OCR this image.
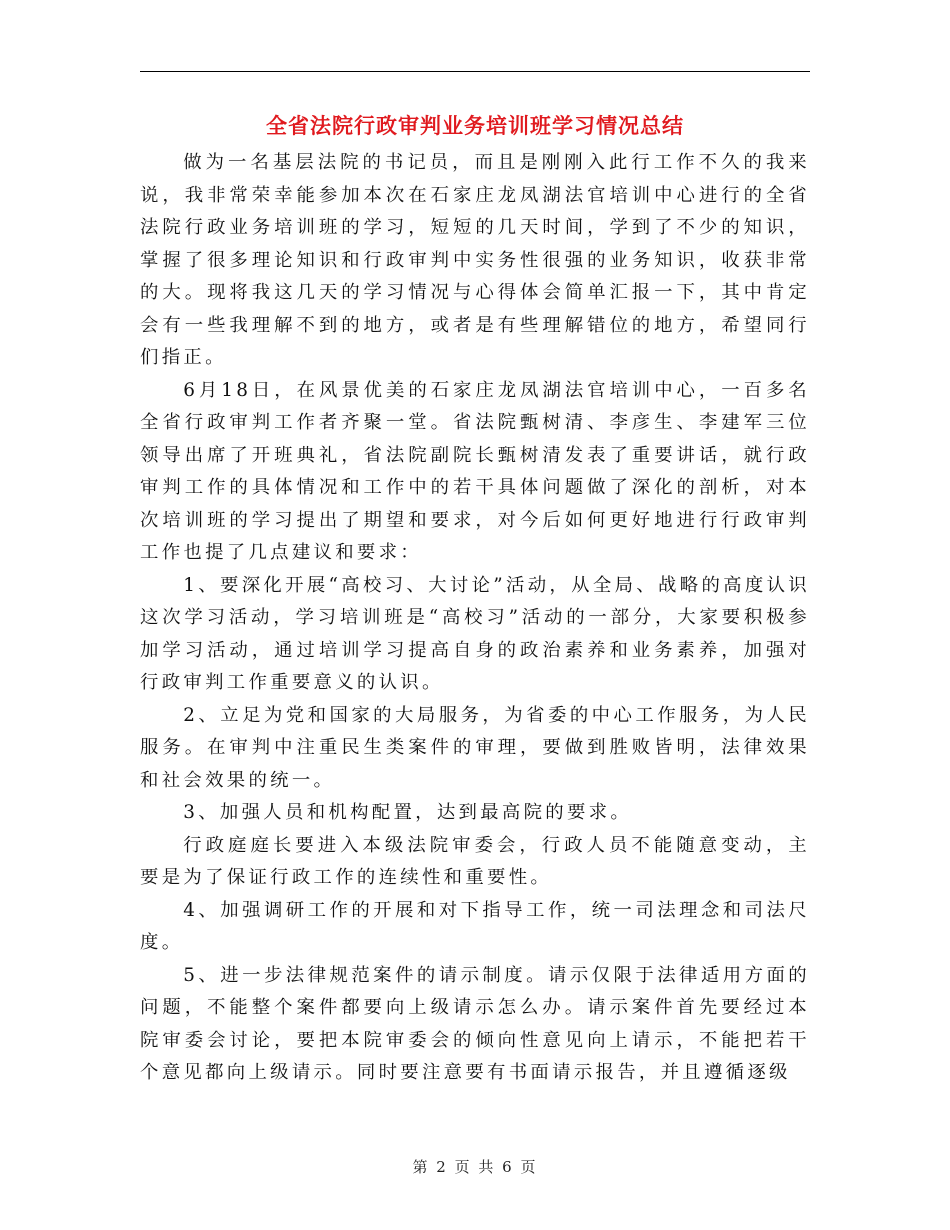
全省法院行政审判业务培训班学习情况总结

做为一名基层法院的书记员，而且是刚刚入此行工作不久的我来说，我非常荣幸能参加本次在石家庄龙凤湖法官培训中心进行的全省法院行政业务培训班的学习，短短的几天时间，学到了不少的知识，掌握了很多理论知识和行政审判中实务性很强的业务知识，收获非常的大。现将我这几天的学习情况与心得体会简单汇报一下，其中肯定会有一些我理解不到的地方，或者是有些理解错位的地方，希望同行们指正。

6月18日，在风景优美的石家庄龙凤湖法官培训中心，一百多名全省行政审判工作者齐聚一堂。省法院甄树清、李彦生、李建军三位领导出席了开班典礼，省法院副院长甄树清发表了重要讲话，就行政审判工作的具体情况和工作中的若干具体问题做了深化的剖析，对本次培训班的学习提出了期望和要求，对今后如何更好地进行行政审判工作也提了几点建议和要求：

1、要深化开展“高校习、大讨论”活动，从全局、战略的高度认识这次学习活动，学习培训班是“高校习”活动的一部分，大家要积极参加学习活动，通过培训学习提高自身的政治素养和业务素养，加强对行政审判工作重要意义的认识。

2、立足为党和国家的大局服务，为省委的中心工作服务，为人民服务。在审判中注重民生类案件的审理，要做到胜败皆明，法律效果和社会效果的统一。

3、加强人员和机构配置，达到最高院的要求。

行政庭庭长要进入本级法院审委会，行政人员不能随意变动，主要是为了保证行政工作的连续性和重要性。

4、加强调研工作的开展和对下指导工作，统一司法理念和司法尺度。

5、进一步法律规范案件的请示制度。请示仅限于法律适用方面的问题，不能整个案件都要向上级请示怎么办。请示案件首先要经过本院审委会讨论，要把本院审委会的倾向性意见向上请示，不能把若干个意见都向上级请示。同时要注意要有书面请示报告，并且遵循逐级

第 2 页 共 6 页
